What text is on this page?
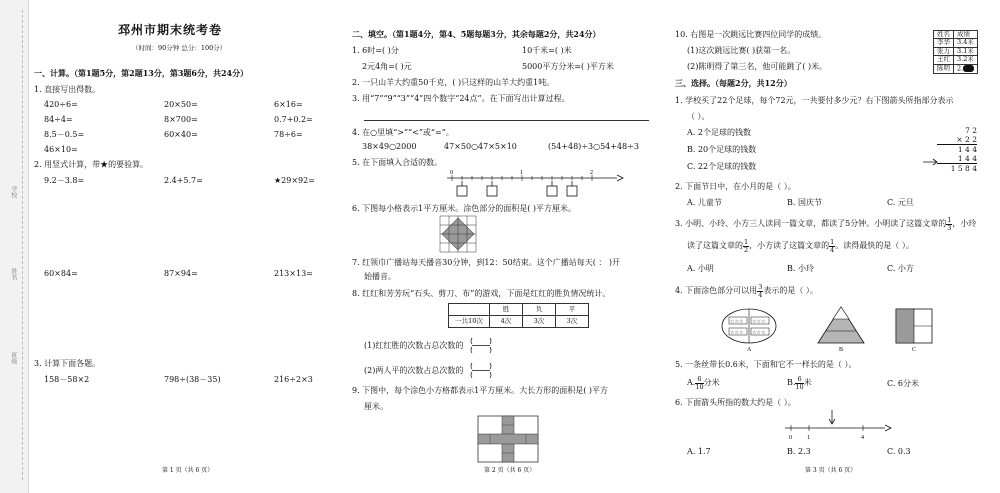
学校
姓名
班级
邳州市期末统考卷
（时间：90分钟 总分：100分）
一、计算。（第1题5分，第2题13分，第3题6分，共24分）
1. 直接写出得数。
420÷6=	20×50=	6×16=
84÷4=	8×700=	0.7+0.2=
8.5－0.5=	60×40=	78÷6=
46×10=
2. 用竖式计算，带★的要验算。
9.2－3.8=	2.4+5.7=	★29×92=
60×84=	87×94=	213×13=
3. 计算下面各题。
158－58×2	798÷(38－35)	216÷2×3
第 1 页（共 6 页）
二、填空。（第1题4分，第4、5题每题3分，其余每题2分，共24分）
1. 6时=( )分	10千米=( )米
2元4角=( )元	5000平方分米=( )平方米
2. 一只山羊大约重50千克，( )只这样的山羊大约重1吨。
3. 用“7”“9”“3”“4”四个数字“24点”。在下面写出计算过程。
4. 在○里填“>”“<”或“=”。
38×49○2000	47×50○47×5×10	(54+48)÷3○54+48÷3
5. 在下面填入合适的数。
0	1	2
6. 下图每小格表示1平方厘米。涂色部分的面积是( )平方厘米。
7. 红领巾广播站每天播音30分钟，到12：50结束。这个广播站每天( ： )开
始播音。
8. 红红和芳芳玩“石头、剪刀、布”的游戏，下面是红红的胜负情况统计。
	胜	负	平
一共10次	4次	3次	3次
(1)红红胜的次数占总次数的
(2)两人平的次数占总次数的
9. 下图中，每个涂色小方格都表示1平方厘米。大长方形的面积是( )平方
厘米。
第 2 页（共 6 页）
10. 右图是一次跳远比赛四位同学的成绩。
(1)这次跳远比赛( )获第一名。
(2)陈明得了第三名，他可能跳了( )米。
姓名	成绩
李华	3.4米
张力	3.1米
王红	3.2米
陈明	2.
三、选择。（每题2分，共12分）
1. 学校买了22个足球，每个72元，一共要付多少元？右下图箭头所指部分表示
（ ）。
A. 2个足球的钱数
B. 20个足球的钱数
C. 22个足球的钱数
7 2
× 2 2
1 4 4
1 4 4
1 5 8 4
2. 下面节日中，在小月的是（ ）。
A. 儿童节	B. 国庆节	C. 元旦
3. 小明、小玲、小方三人读同一篇文章，都读了5分钟。小明读了这篇文章的 $\frac{1}{3}$ ，小玲
读了这篇文章的 $\frac{1}{2}$ ，小方读了这篇文章的 $\frac{1}{4}$ 。读得最快的是（ ）。
A. 小明	B. 小玲	C. 小方
4. 下面涂色部分可以用 $\frac{3}{4}$ 表示的是（ ）。
☆☆☆ ☆☆☆
☆☆☆ ☆☆☆
A	B	C
5. 一条丝带长0.6米，下面和它不一样长的是（ ）。
A. $\frac{6}{10}$ 分米	B. $\frac{6}{10}$ 米	C. 6分米
6. 下面箭头所指的数大约是（ ）。
0	1	4
A. 1.7	B. 2.3	C. 0.3
第 3 页（共 6 页）
